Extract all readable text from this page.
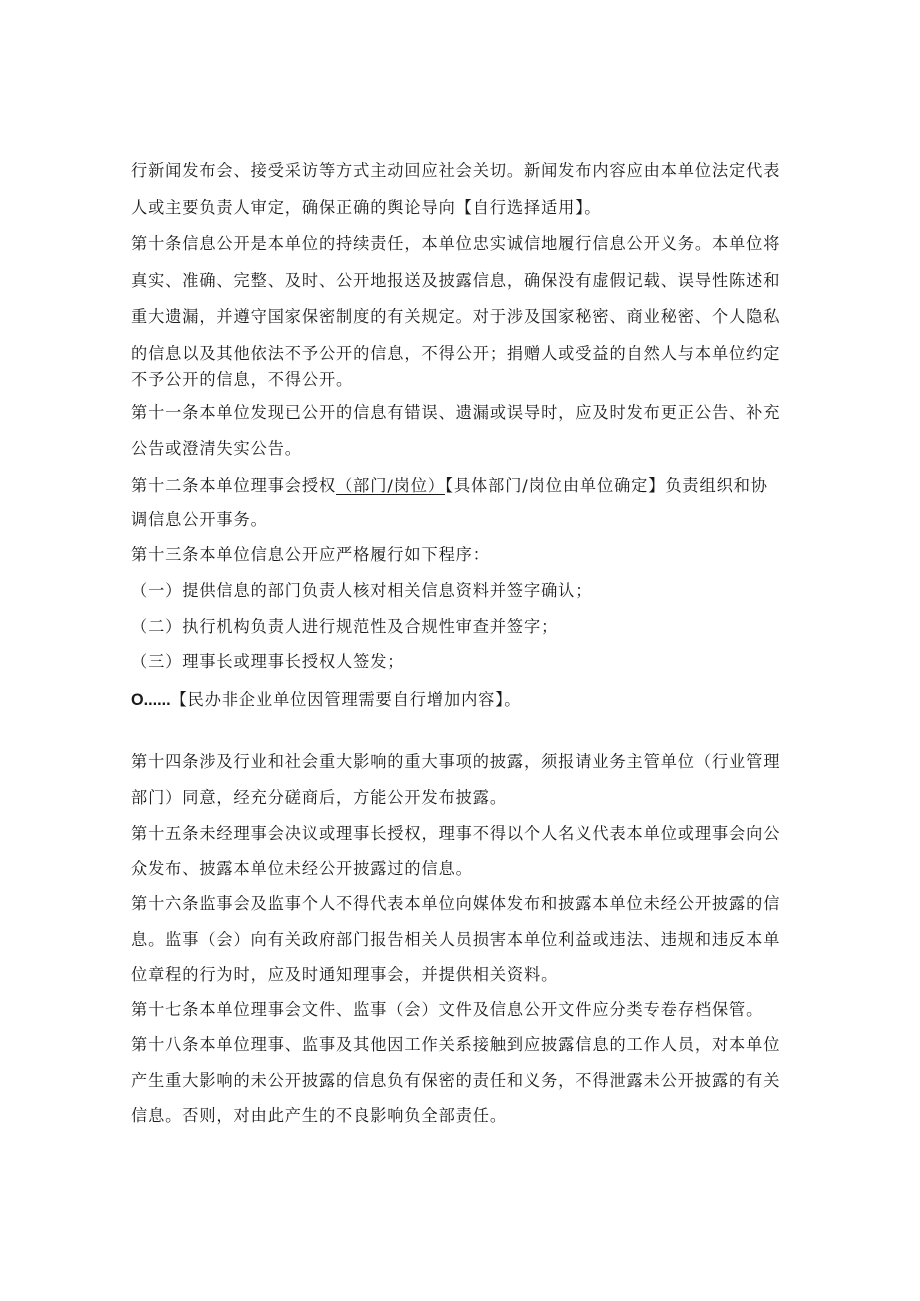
行新闻发布会、接受采访等方式主动回应社会关切。新闻发布内容应由本单位法定代表
人或主要负责人审定，确保正确的舆论导向【自行选择适用】。
第十条信息公开是本单位的持续责任，本单位忠实诚信地履行信息公开义务。本单位将
真实、准确、完整、及时、公开地报送及披露信息，确保没有虚假记载、误导性陈述和
重大遗漏，并遵守国家保密制度的有关规定。对于涉及国家秘密、商业秘密、个人隐私
的信息以及其他依法不予公开的信息，不得公开；捐赠人或受益的自然人与本单位约定
不予公开的信息，不得公开。
第十一条本单位发现已公开的信息有错误、遗漏或误导时，应及时发布更正公告、补充
公告或澄清失实公告。
第十二条本单位理事会授权（部门/岗位）【具体部门/岗位由单位确定】负责组织和协
调信息公开事务。
第十三条本单位信息公开应严格履行如下程序：
（一）提供信息的部门负责人核对相关信息资料并签字确认；
（二）执行机构负责人进行规范性及合规性审查并签字；
（三）理事长或理事长授权人签发；
O......【民办非企业单位因管理需要自行增加内容】。
第十四条涉及行业和社会重大影响的重大事项的披露，须报请业务主管单位（行业管理
部门）同意，经充分磋商后，方能公开发布披露。
第十五条未经理事会决议或理事长授权，理事不得以个人名义代表本单位或理事会向公
众发布、披露本单位未经公开披露过的信息。
第十六条监事会及监事个人不得代表本单位向媒体发布和披露本单位未经公开披露的信
息。监事（会）向有关政府部门报告相关人员损害本单位利益或违法、违规和违反本单
位章程的行为时，应及时通知理事会，并提供相关资料。
第十七条本单位理事会文件、监事（会）文件及信息公开文件应分类专卷存档保管。
第十八条本单位理事、监事及其他因工作关系接触到应披露信息的工作人员，对本单位
产生重大影响的未公开披露的信息负有保密的责任和义务，不得泄露未公开披露的有关
信息。否则，对由此产生的不良影响负全部责任。
